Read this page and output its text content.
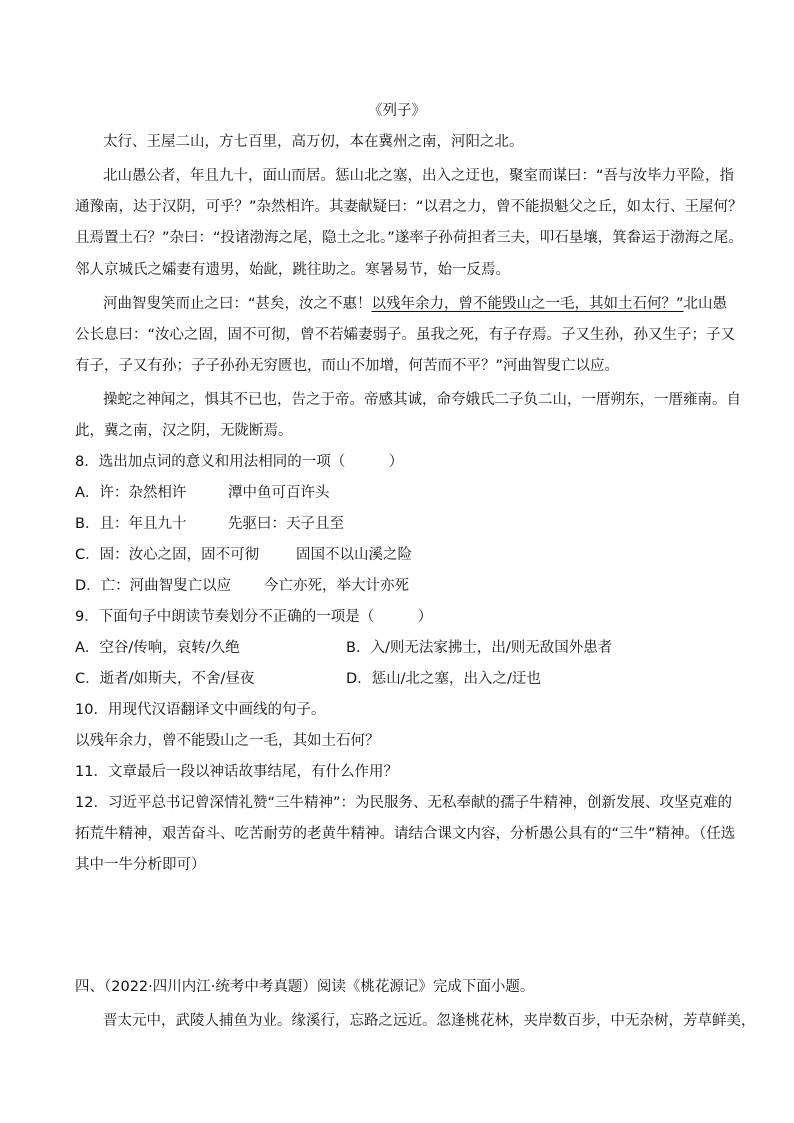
《列子》
太行、王屋二山，方七百里，高万仞，本在冀州之南，河阳之北。
北山愚公者，年且九十，面山而居。惩山北之塞，出入之迂也，聚室而谋曰：“吾与汝毕力平险，指
通豫南，达于汉阴，可乎？”杂然相许。其妻献疑曰：“以君之力，曾不能损魁父之丘，如太行、王屋何？
且焉置土石？”杂曰：“投诸渤海之尾，隐土之北。”遂率子孙荷担者三夫，叩石垦壤，箕畚运于渤海之尾。
邻人京城氏之孀妻有遗男，始龀，跳往助之。寒暑易节，始一反焉。
河曲智叟笑而止之曰：“甚矣，汝之不惠！以残年余力，曾不能毁山之一毛，其如土石何？”北山愚
公长息曰：“汝心之固，固不可彻，曾不若孀妻弱子。虽我之死，有子存焉。子又生孙，孙又生子；子又
有子，子又有孙；子子孙孙无穷匮也，而山不加增，何苦而不平？”河曲智叟亡以应。
操蛇之神闻之，惧其不已也，告之于帝。帝感其诚，命夸娥氏二子负二山，一厝朔东，一厝雍南。自
此，冀之南，汉之阴，无陇断焉。
8．选出加点词的意义和用法相同的一项（　　　）
A．许：杂然相许	潭中鱼可百许头
B．且：年且九十	先驱曰：天子且至
C．固：汝心之固，固不可彻	固国不以山溪之险
D．亡：河曲智叟亡以应 今亡亦死，举大计亦死
9．下面句子中朗读节奏划分不正确的一项是（　　　）
A．空谷/传响，哀转/久绝	B．入/则无法家拂士，出/则无敌国外患者
C．逝者/如斯夫，不舍/昼夜	D．惩山/北之塞，出入之/迂也
10．用现代汉语翻译文中画线的句子。
以残年余力，曾不能毁山之一毛，其如土石何？
11．文章最后一段以神话故事结尾，有什么作用？
12．习近平总书记曾深情礼赞“三牛精神”：为民服务、无私奉献的孺子牛精神，创新发展、攻坚克难的
拓荒牛精神，艰苦奋斗、吃苦耐劳的老黄牛精神。请结合课文内容，分析愚公具有的“三牛”精神。（任选
其中一牛分析即可）
四、（2022·四川内江·统考中考真题）阅读《桃花源记》完成下面小题。
晋太元中，武陵人捕鱼为业。缘溪行，忘路之远近。忽逢桃花林，夹岸数百步，中无杂树，芳草鲜美，
